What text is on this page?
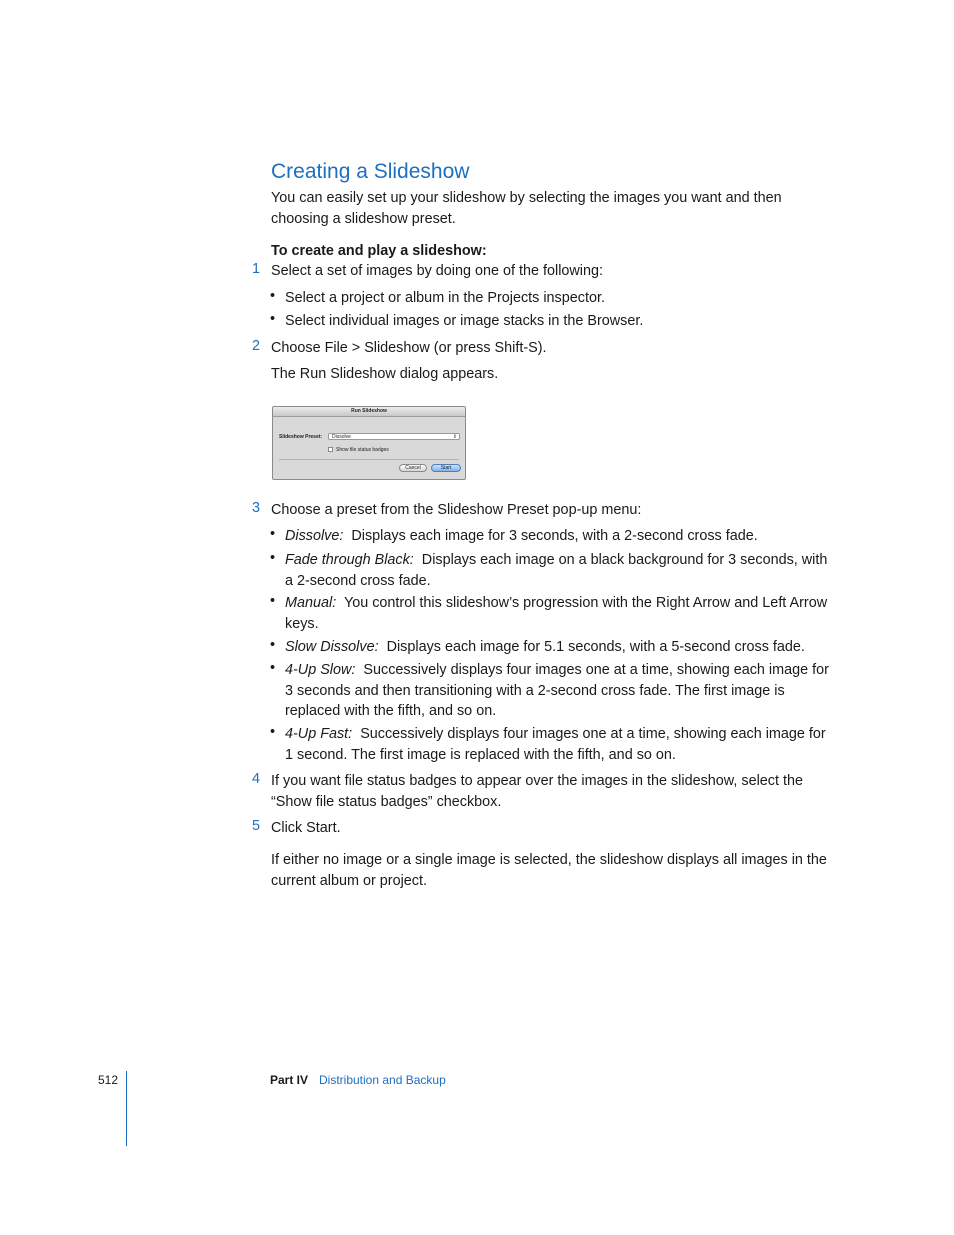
Creating a Slideshow
You can easily set up your slideshow by selecting the images you want and then choosing a slideshow preset.
To create and play a slideshow:
1 Select a set of images by doing one of the following:
• Select a project or album in the Projects inspector.
• Select individual images or image stacks in the Browser.
2 Choose File > Slideshow (or press Shift-S).
The Run Slideshow dialog appears.
Run Slideshow
Slideshow Preset:	Dissolve	⇕
Show file status badges
Cancel	Start
3 Choose a preset from the Slideshow Preset pop-up menu:
• Dissolve: Displays each image for 3 seconds, with a 2-second cross fade.
• Fade through Black: Displays each image on a black background for 3 seconds, with a 2-second cross fade.
• Manual: You control this slideshow’s progression with the Right Arrow and Left Arrow keys.
• Slow Dissolve: Displays each image for 5.1 seconds, with a 5-second cross fade.
• 4-Up Slow: Successively displays four images one at a time, showing each image for 3 seconds and then transitioning with a 2-second cross fade. The first image is replaced with the fifth, and so on.
• 4-Up Fast: Successively displays four images one at a time, showing each image for 1 second. The first image is replaced with the fifth, and so on.
4 If you want file status badges to appear over the images in the slideshow, select the “Show file status badges” checkbox.
5 Click Start.
If either no image or a single image is selected, the slideshow displays all images in the current album or project.
512	Part IV Distribution and Backup
